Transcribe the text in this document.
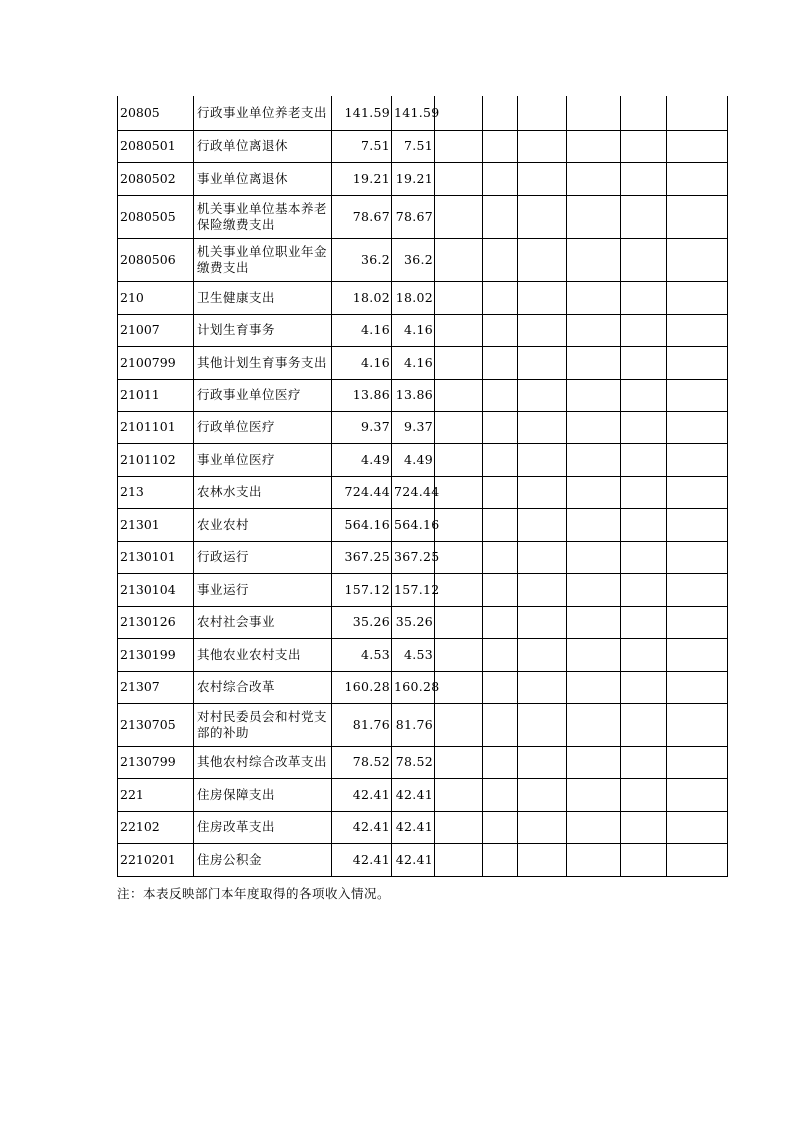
20805	行政事业单位养老支出	141.59	141.59						
2080501	行政单位离退休	7.51	7.51						
2080502	事业单位离退休	19.21	19.21						
2080505	机关事业单位基本养老保险缴费支出	78.67	78.67						
2080506	机关事业单位职业年金缴费支出	36.2	36.2						
210	卫生健康支出	18.02	18.02						
21007	计划生育事务	4.16	4.16						
2100799	其他计划生育事务支出	4.16	4.16						
21011	行政事业单位医疗	13.86	13.86						
2101101	行政单位医疗	9.37	9.37						
2101102	事业单位医疗	4.49	4.49						
213	农林水支出	724.44	724.44						
21301	农业农村	564.16	564.16						
2130101	行政运行	367.25	367.25						
2130104	事业运行	157.12	157.12						
2130126	农村社会事业	35.26	35.26						
2130199	其他农业农村支出	4.53	4.53						
21307	农村综合改革	160.28	160.28						
2130705	对村民委员会和村党支部的补助	81.76	81.76						
2130799	其他农村综合改革支出	78.52	78.52						
221	住房保障支出	42.41	42.41						
22102	住房改革支出	42.41	42.41						
2210201	住房公积金	42.41	42.41						

注：本表反映部门本年度取得的各项收入情况。
